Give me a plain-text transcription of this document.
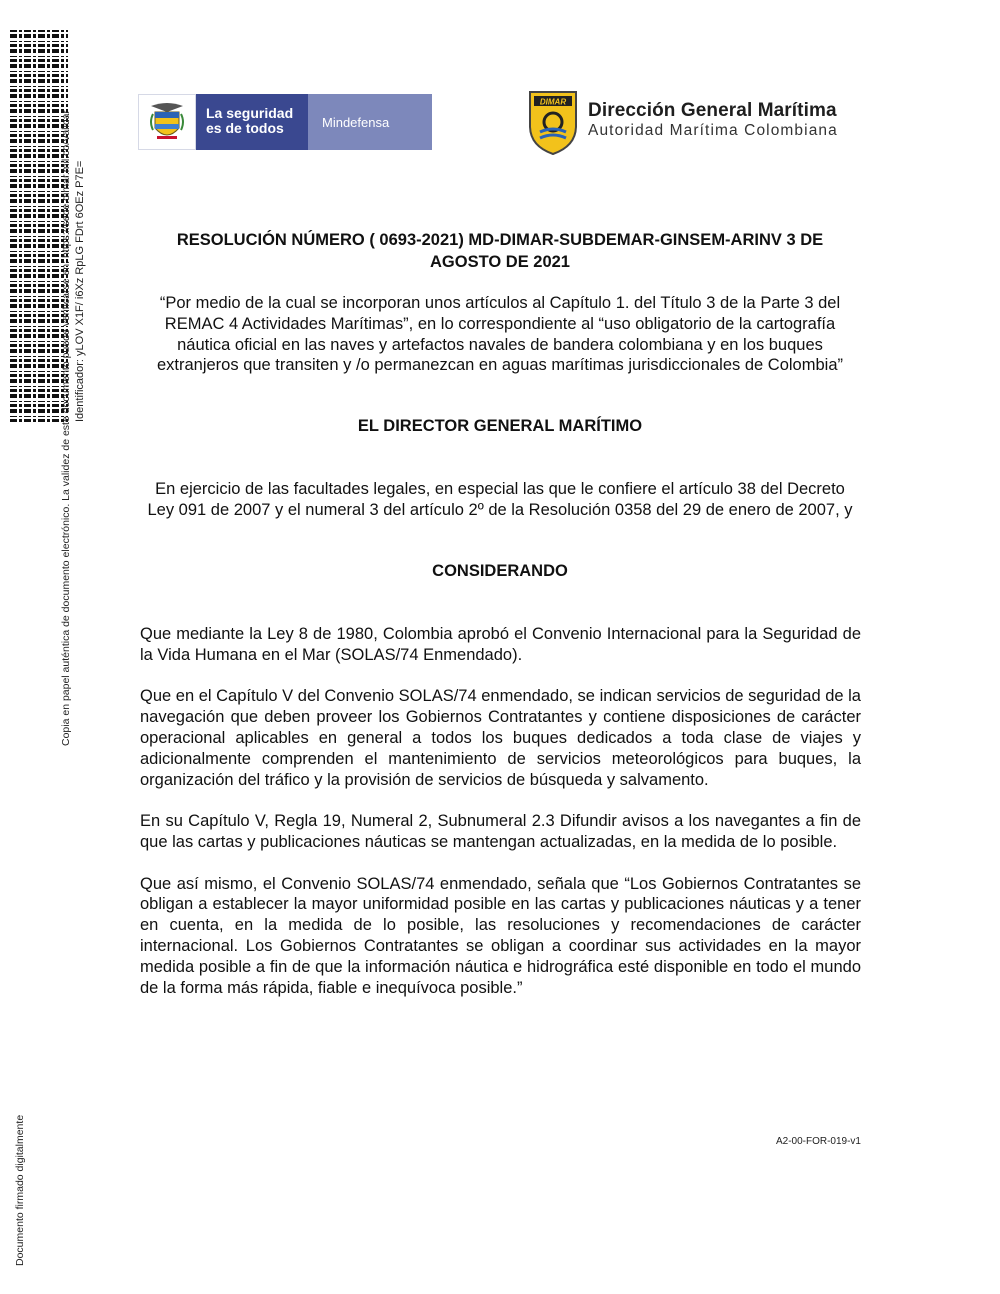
Copia en papel auténtica de documento electrónico. La validez de este documento puede verificarse en: https://sede.dimar.mil.co/Validar Identificador: yLOV X1F/ i6Xz RpLG FDrt 6OEz P7E=
Documento firmado digitalmente
La seguridad es de todos	Mindefensa
DIMAR Dirección General Marítima
Autoridad Marítima Colombiana
RESOLUCIÓN NÚMERO ( 0693-2021) MD-DIMAR-SUBDEMAR-GINSEM-ARINV 3 DE AGOSTO DE 2021
“Por medio de la cual se incorporan unos artículos al Capítulo 1. del Título 3 de la Parte 3 del REMAC 4 Actividades Marítimas”, en lo correspondiente al “uso obligatorio de la cartografía náutica oficial en las naves y artefactos navales de bandera colombiana y en los buques extranjeros que transiten y /o permanezcan en aguas marítimas jurisdiccionales de Colombia”
EL DIRECTOR GENERAL MARÍTIMO
En ejercicio de las facultades legales, en especial las que le confiere el artículo 38 del Decreto Ley 091 de 2007 y el numeral 3 del artículo 2º de la Resolución 0358 del 29 de enero de 2007, y
CONSIDERANDO

Que mediante la Ley 8 de 1980, Colombia aprobó el Convenio Internacional para la Seguridad de la Vida Humana en el Mar (SOLAS/74 Enmendado).

Que en el Capítulo V del Convenio SOLAS/74 enmendado, se indican servicios de seguridad de la navegación que deben proveer los Gobiernos Contratantes y contiene disposiciones de carácter operacional aplicables en general a todos los buques dedicados a toda clase de viajes y adicionalmente comprenden el mantenimiento de servicios meteorológicos para buques, la organización del tráfico y la provisión de servicios de búsqueda y salvamento.

En su Capítulo V, Regla 19, Numeral 2, Subnumeral 2.3 Difundir avisos a los navegantes a fin de que las cartas y publicaciones náuticas se mantengan actualizadas, en la medida de lo posible.

Que así mismo, el Convenio SOLAS/74 enmendado, señala que “Los Gobiernos Contratantes se obligan a establecer la mayor uniformidad posible en las cartas y publicaciones náuticas y a tener en cuenta, en la medida de lo posible, las resoluciones y recomendaciones de carácter internacional. Los Gobiernos Contratantes se obligan a coordinar sus actividades en la mayor medida posible a fin de que la información náutica e hidrográfica esté disponible en todo el mundo de la forma más rápida, fiable e inequívoca posible.”

A2-00-FOR-019-v1
